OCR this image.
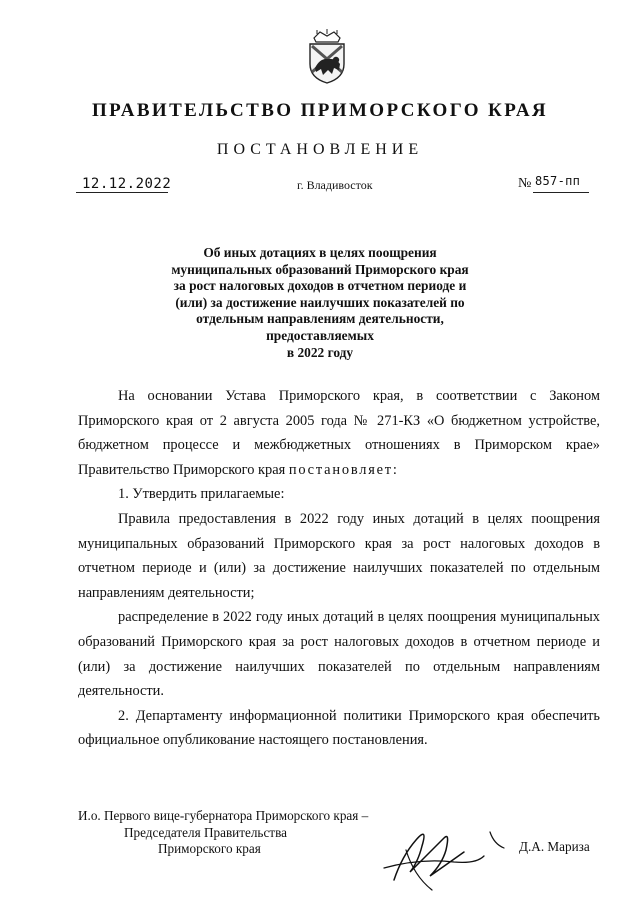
ПРАВИТЕЛЬСТВО ПРИМОРСКОГО КРАЯ
ПОСТАНОВЛЕНИЕ
12.12.2022	г. Владивосток	№ 857-пп
Об иных дотациях в целях поощрения
муниципальных образований Приморского края
за рост налоговых доходов в отчетном периоде и
(или) за достижение наилучших показателей по
отдельным направлениям деятельности,
предоставляемых
в 2022 году

На основании Устава Приморского края, в соответствии с Законом Приморского края от 2 августа 2005 года № 271-КЗ «О бюджетном устройстве, бюджетном процессе и межбюджетных отношениях в Приморском крае» Правительство Приморского края постановляет:

1. Утвердить прилагаемые:

Правила предоставления в 2022 году иных дотаций в целях поощрения муниципальных образований Приморского края за рост налоговых доходов в отчетном периоде и (или) за достижение наилучших показателей по отдельным направлениям деятельности;

распределение в 2022 году иных дотаций в целях поощрения муниципальных образований Приморского края за рост налоговых доходов в отчетном периоде и (или) за достижение наилучших показателей по отдельным направлениям деятельности.

2. Департаменту информационной политики Приморского края обеспечить официальное опубликование настоящего постановления.

И.о. Первого вице-губернатора Приморского края –
Председателя Правительства
Приморского края	Д.А. Мариза
